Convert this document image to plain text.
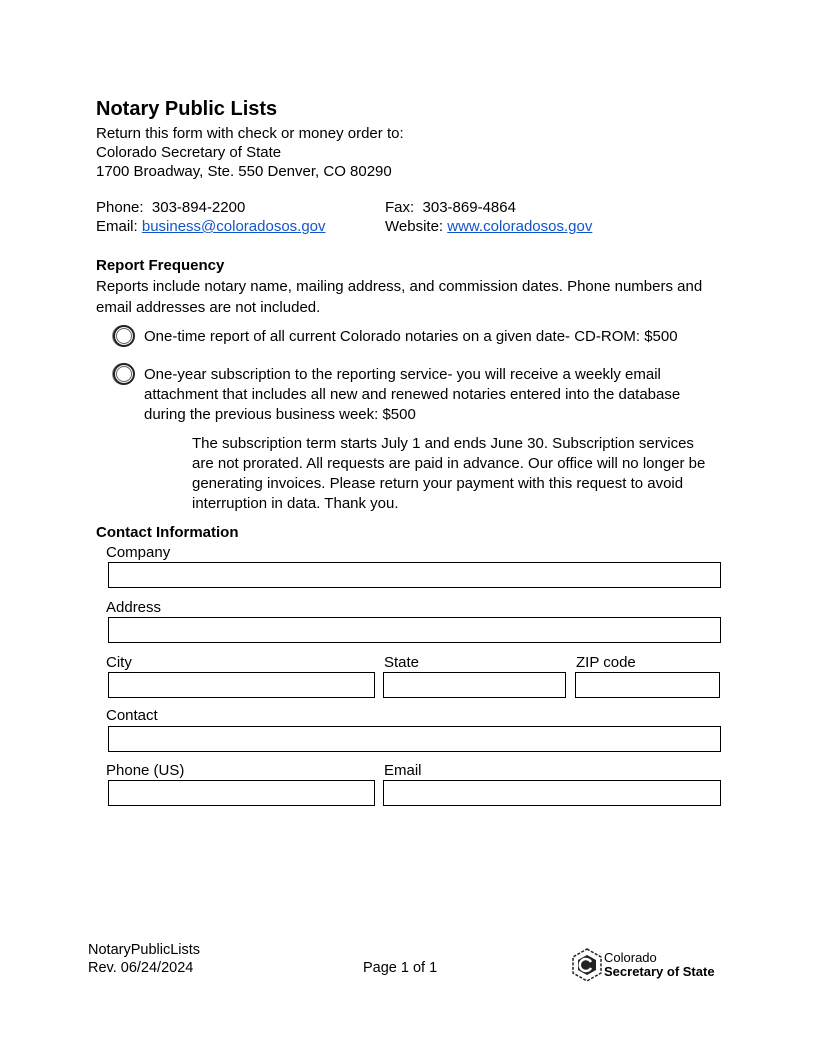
Notary Public Lists
Return this form with check or money order to:
Colorado Secretary of State
1700 Broadway, Ste. 550 Denver, CO 80290
Phone: 303-894-2200	Fax: 303-869-4864
Email: business@coloradosos.gov	Website: www.coloradosos.gov
Report Frequency
Reports include notary name, mailing address, and commission dates. Phone numbers and email addresses are not included.
One-time report of all current Colorado notaries on a given date- CD-ROM: $500
One-year subscription to the reporting service- you will receive a weekly email attachment that includes all new and renewed notaries entered into the database during the previous business week: $500
The subscription term starts July 1 and ends June 30. Subscription services are not prorated. All requests are paid in advance. Our office will no longer be generating invoices. Please return your payment with this request to avoid interruption in data. Thank you.
Contact Information
Company
Address
City	State	ZIP code
Contact
Phone (US)	Email
NotaryPublicLists
Rev. 06/24/2024	Page 1 of 1
Colorado
Secretary of State
